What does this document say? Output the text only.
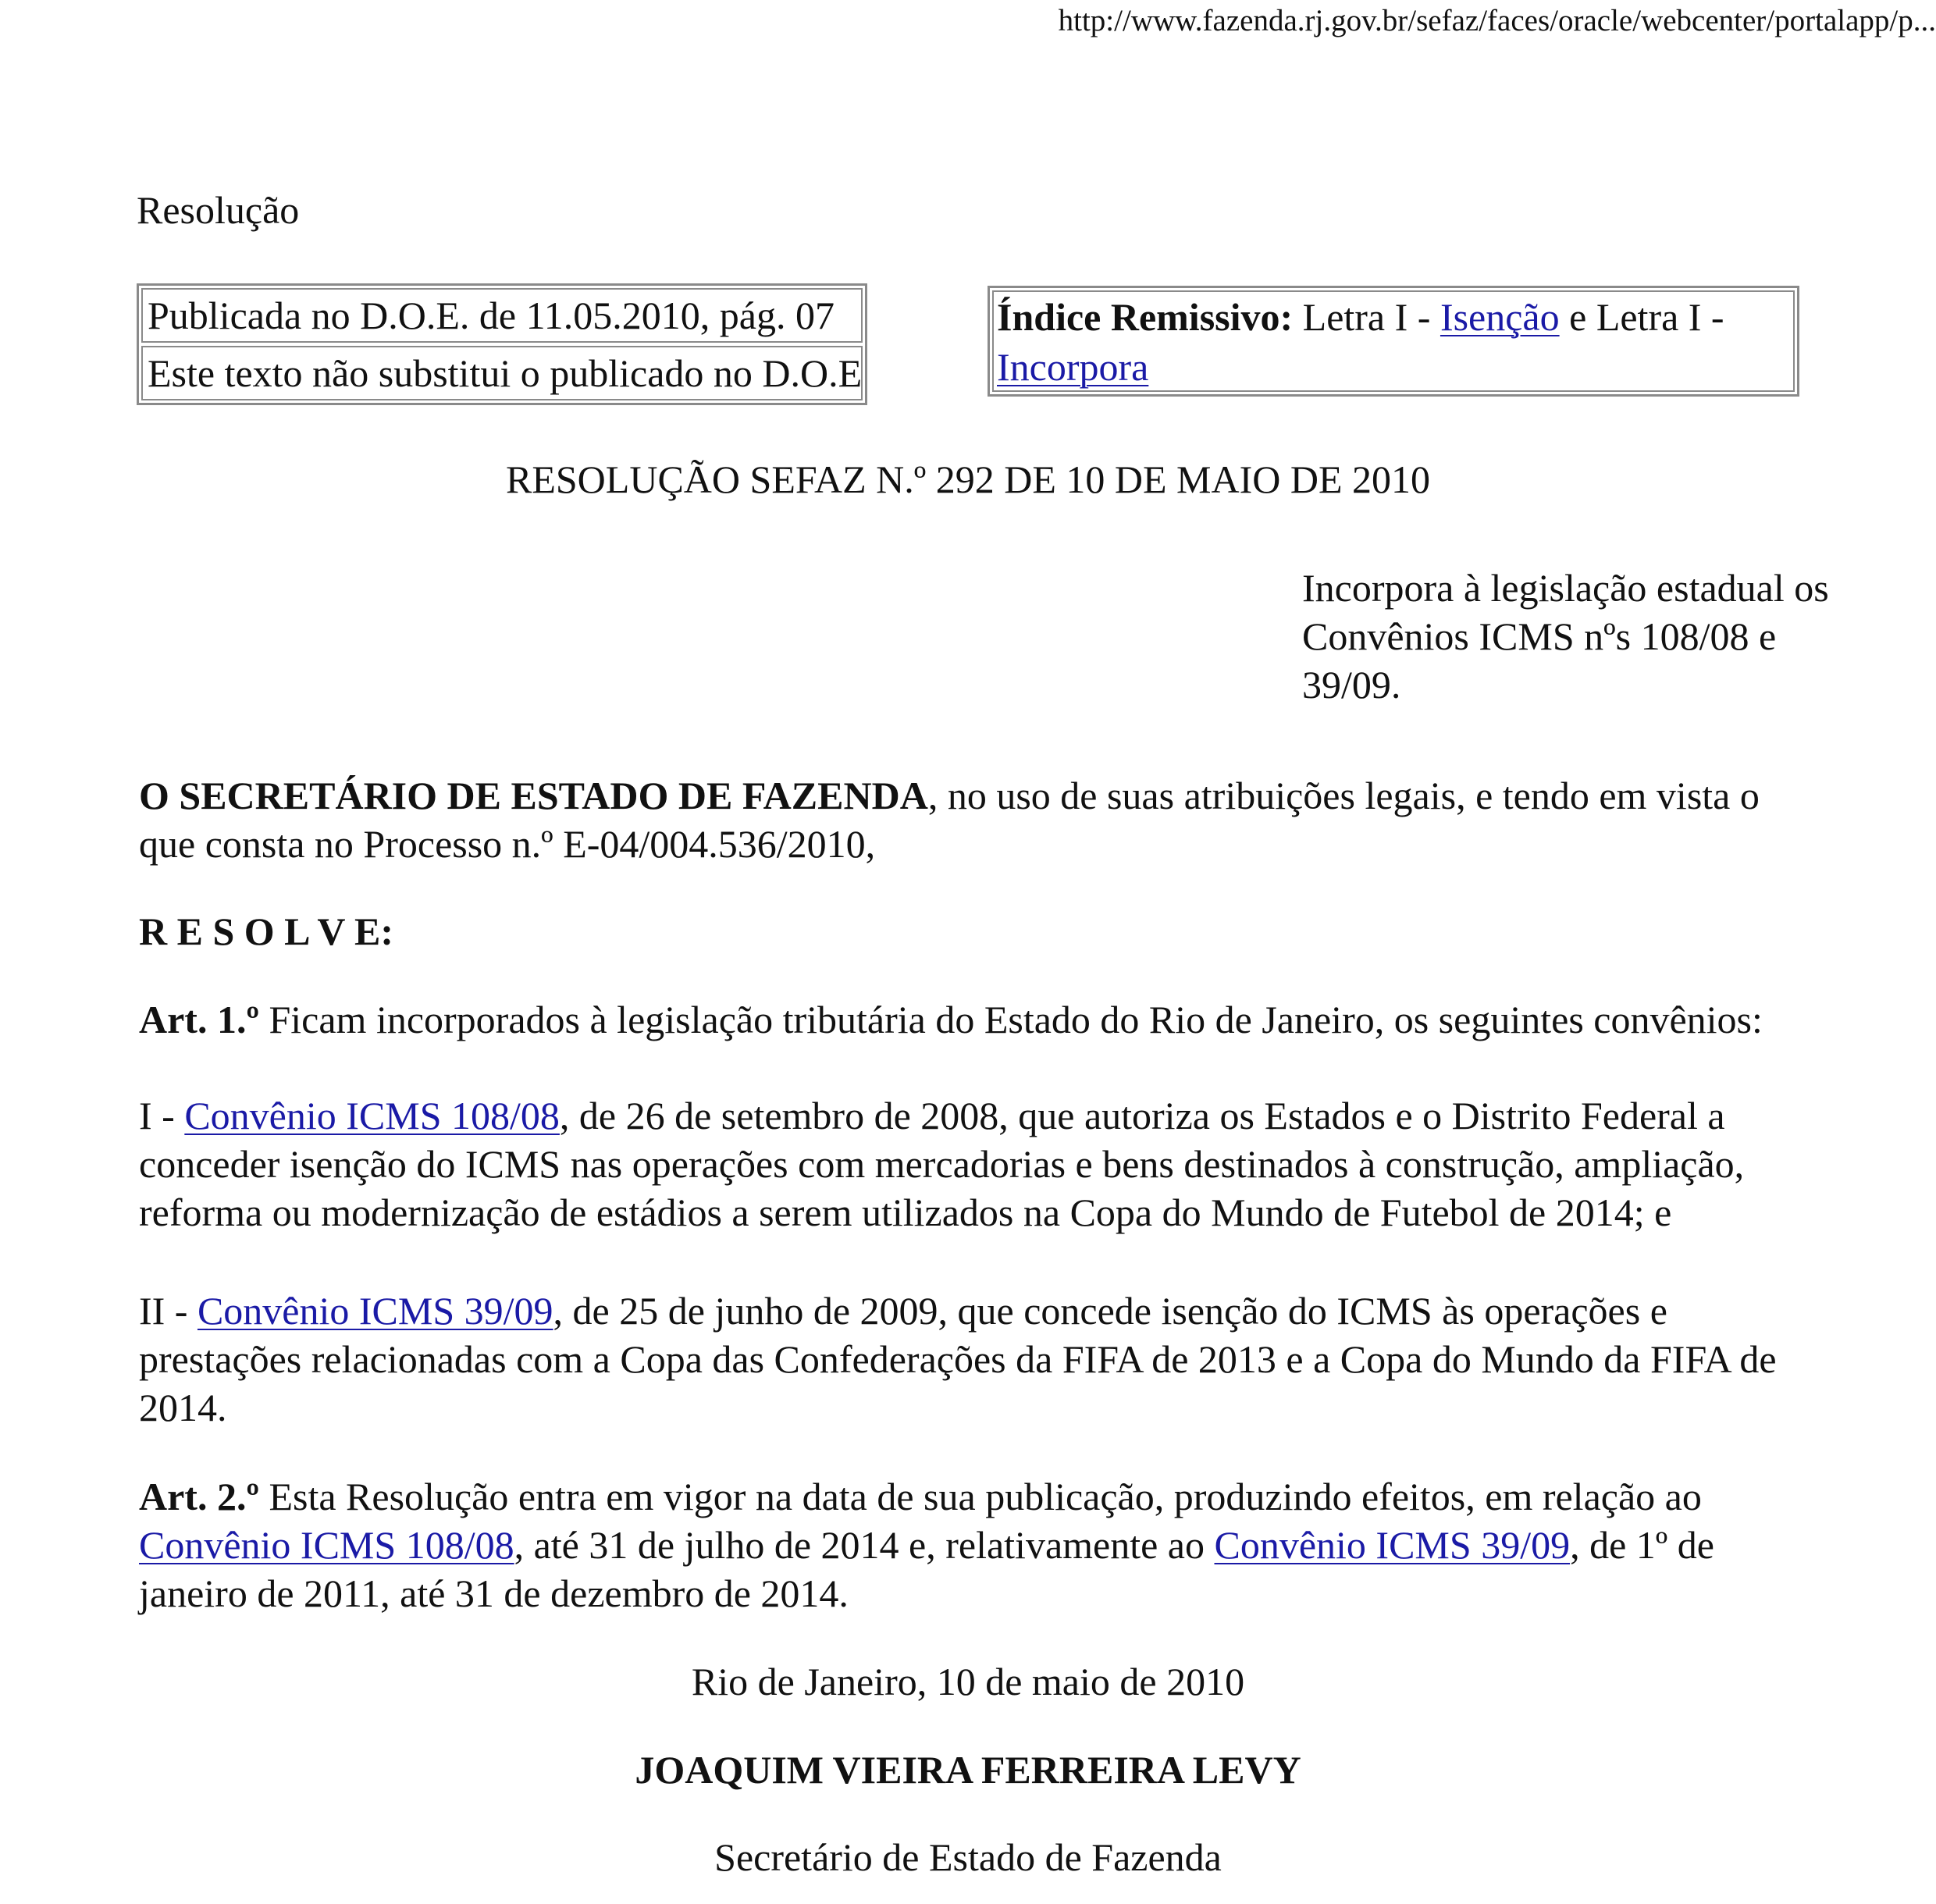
http://www.fazenda.rj.gov.br/sefaz/faces/oracle/webcenter/portalapp/p...
Resolução
Publicada no D.O.E. de 11.05.2010, pág. 07
Este texto não substitui o publicado no D.O.E
Índice Remissivo: Letra I - Isenção e Letra I - Incorpora
RESOLUÇÃO SEFAZ N.º 292 DE 10 DE MAIO DE 2010
Incorpora à legislação estadual os Convênios ICMS nºs 108/08 e 39/09.
O SECRETÁRIO DE ESTADO DE FAZENDA, no uso de suas atribuições legais, e tendo em vista o que consta no Processo n.º E-04/004.536/2010,
R E S O L V E:
Art. 1.º Ficam incorporados à legislação tributária do Estado do Rio de Janeiro, os seguintes convênios:
I - Convênio ICMS 108/08, de 26 de setembro de 2008, que autoriza os Estados e o Distrito Federal a conceder isenção do ICMS nas operações com mercadorias e bens destinados à construção, ampliação, reforma ou modernização de estádios a serem utilizados na Copa do Mundo de Futebol de 2014; e
II - Convênio ICMS 39/09, de 25 de junho de 2009, que concede isenção do ICMS às operações e prestações relacionadas com a Copa das Confederações da FIFA de 2013 e a Copa do Mundo da FIFA de 2014.
Art. 2.º Esta Resolução entra em vigor na data de sua publicação, produzindo efeitos, em relação ao Convênio ICMS 108/08, até 31 de julho de 2014 e, relativamente ao Convênio ICMS 39/09, de 1º de janeiro de 2011, até 31 de dezembro de 2014.
Rio de Janeiro, 10 de maio de 2010
JOAQUIM VIEIRA FERREIRA LEVY
Secretário de Estado de Fazenda
